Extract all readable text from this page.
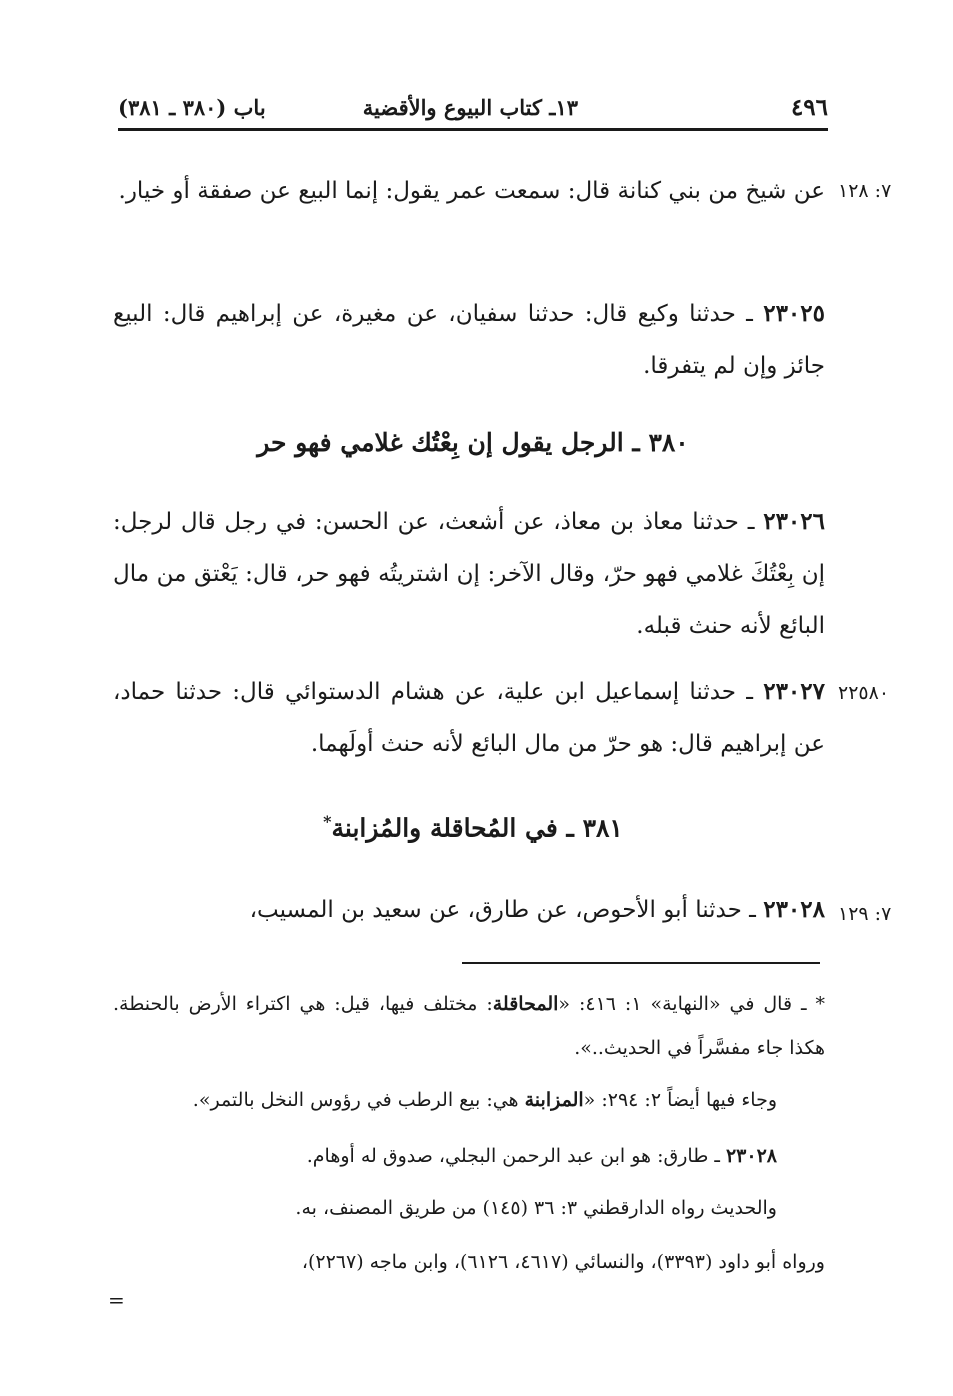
٤٩٦
١٣ـ كتاب البيوع والأقضية
باب (٣٨٠ ـ ٣٨١)
٧: ١٢٨
٢٢٥٨٠
٧: ١٢٩
عن شيخ من بني كنانة قال: سمعت عمر يقول: إنما البيع عن صفقة أو خيار.
٢٣٠٢٥ ـ حدثنا وكيع قال: حدثنا سفيان، عن مغيرة، عن إبراهيم قال: البيع جائز وإن لم يتفرقا.
٣٨٠ ـ الرجل يقول إن بِعْتُك غلامي فهو حر
٢٣٠٢٦ ـ حدثنا معاذ بن معاذ، عن أشعث، عن الحسن: في رجل قال لرجل: إن بِعْتُكَ غلامي فهو حرّ، وقال الآخر: إن اشتريتُه فهو حر، قال: يَعْتق من مال البائع لأنه حنث قبله.
٢٣٠٢٧ ـ حدثنا إسماعيل ابن علية، عن هشام الدستوائي قال: حدثنا حماد، عن إبراهيم قال: هو حرّ من مال البائع لأنه حنث أولَهما.
٣٨١ ـ في المُحاقلة والمُزابنة*
٢٣٠٢٨ ـ حدثنا أبو الأحوص، عن طارق، عن سعيد بن المسيب،
* ـ قال في «النهاية» ١: ٤١٦: «المحاقلة: مختلف فيها، قيل: هي اكتراء الأرض بالحنطة. هكذا جاء مفسَّراً في الحديث..».
وجاء فيها أيضاً ٢: ٢٩٤: «المزابنة هي: بيع الرطب في رؤوس النخل بالتمر».
٢٣٠٢٨ ـ طارق: هو ابن عبد الرحمن البجلي، صدوق له أوهام.
والحديث رواه الدارقطني ٣: ٣٦ (١٤٥) من طريق المصنف، به.
ورواه أبو داود (٣٣٩٣)، والنسائي (٤٦١٧، ٦١٢٦)، وابن ماجه (٢٢٦٧)،
=
